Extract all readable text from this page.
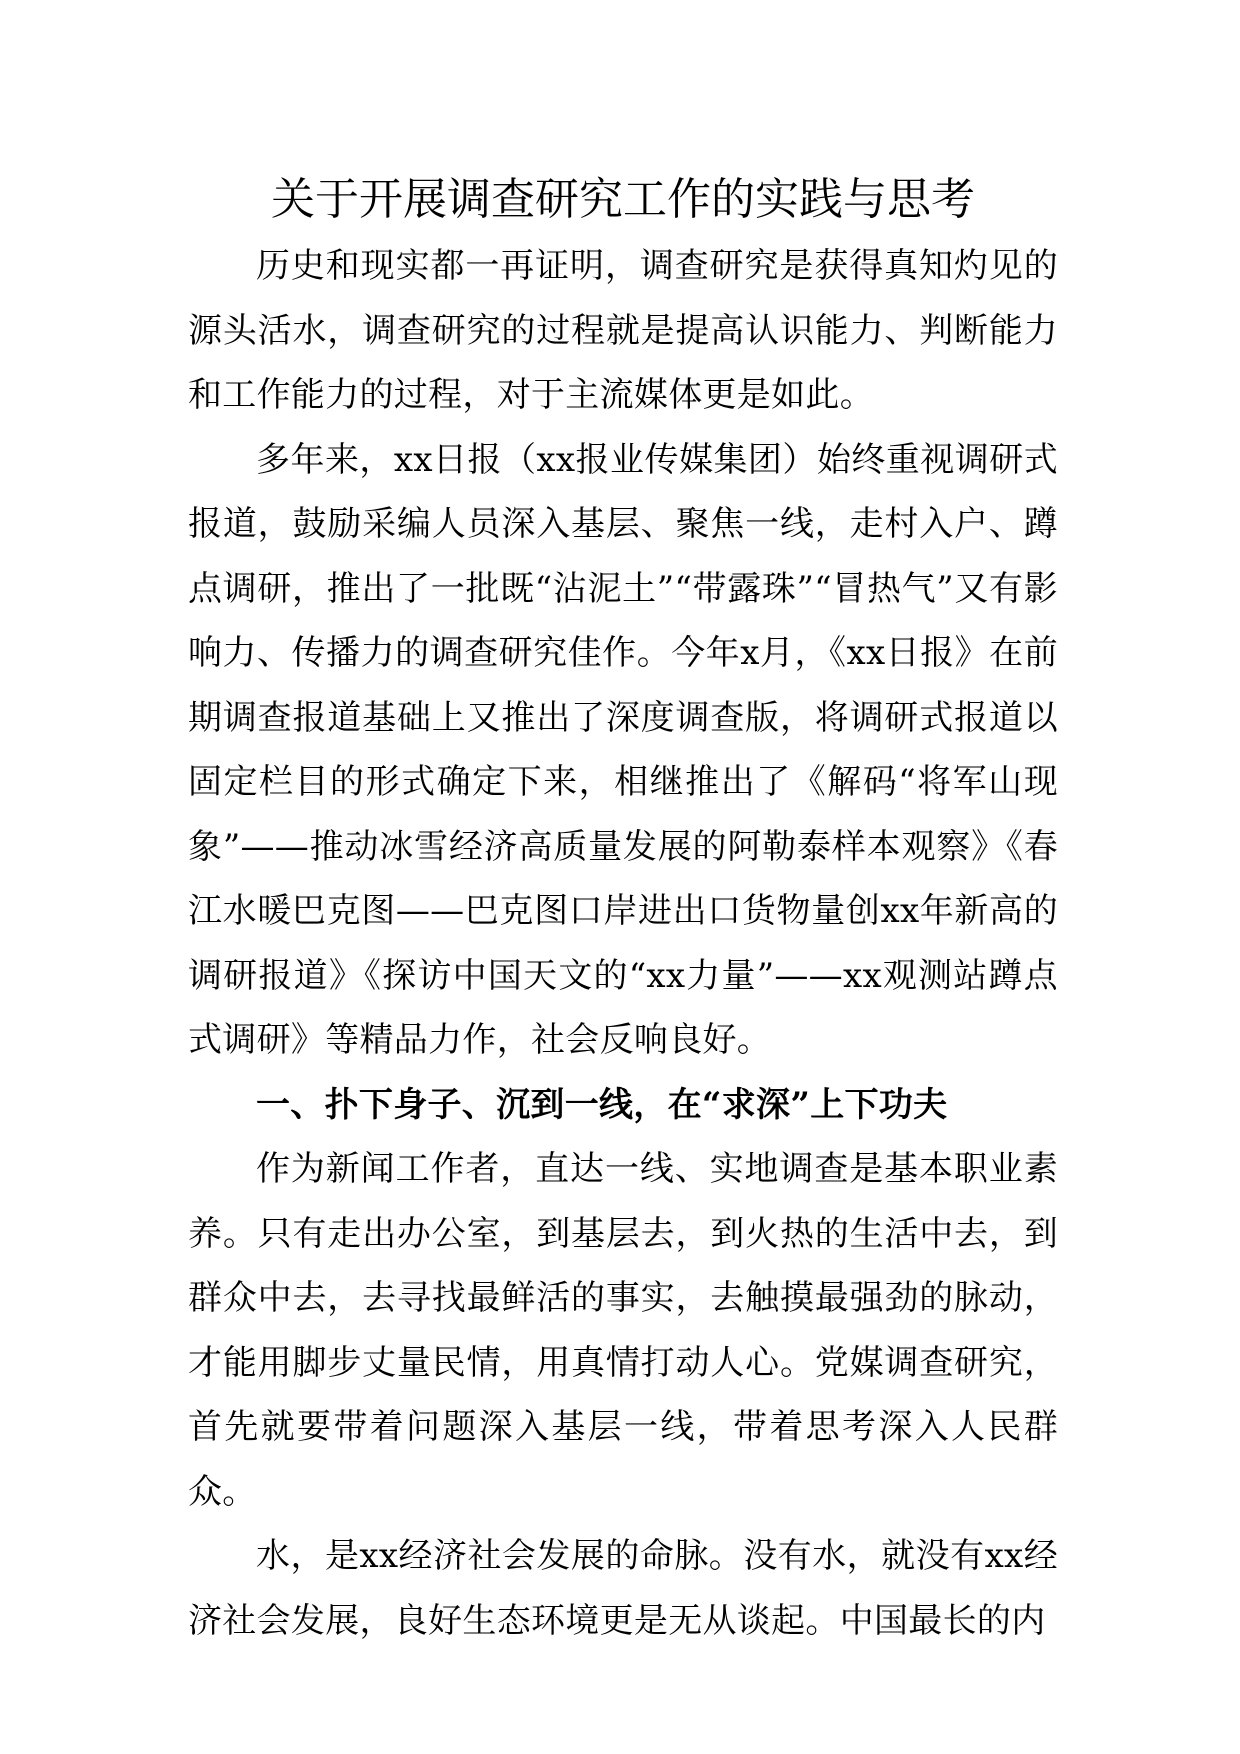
关于开展调查研究工作的实践与思考

历史和现实都一再证明，调查研究是获得真知灼见的源头活水，调查研究的过程就是提高认识能力、判断能力和工作能力的过程，对于主流媒体更是如此。

多年来，xx日报（xx报业传媒集团）始终重视调研式报道，鼓励采编人员深入基层、聚焦一线，走村入户、蹲点调研，推出了一批既“沾泥土”“带露珠”“冒热气”又有影响力、传播力的调查研究佳作。今年x月，《xx日报》在前期调查报道基础上又推出了深度调查版，将调研式报道以固定栏目的形式确定下来，相继推出了《解码“将军山现象”——推动冰雪经济高质量发展的阿勒泰样本观察》《春江水暖巴克图——巴克图口岸进出口货物量创xx年新高的调研报道》《探访中国天文的“xx力量”——xx观测站蹲点式调研》等精品力作，社会反响良好。

一、扑下身子、沉到一线，在“求深”上下功夫

作为新闻工作者，直达一线、实地调查是基本职业素养。只有走出办公室，到基层去，到火热的生活中去，到群众中去，去寻找最鲜活的事实，去触摸最强劲的脉动，才能用脚步丈量民情，用真情打动人心。党媒调查研究，首先就要带着问题深入基层一线，带着思考深入人民群众。

水，是xx经济社会发展的命脉。没有水，就没有xx经济社会发展，良好生态环境更是无从谈起。中国最长的内
